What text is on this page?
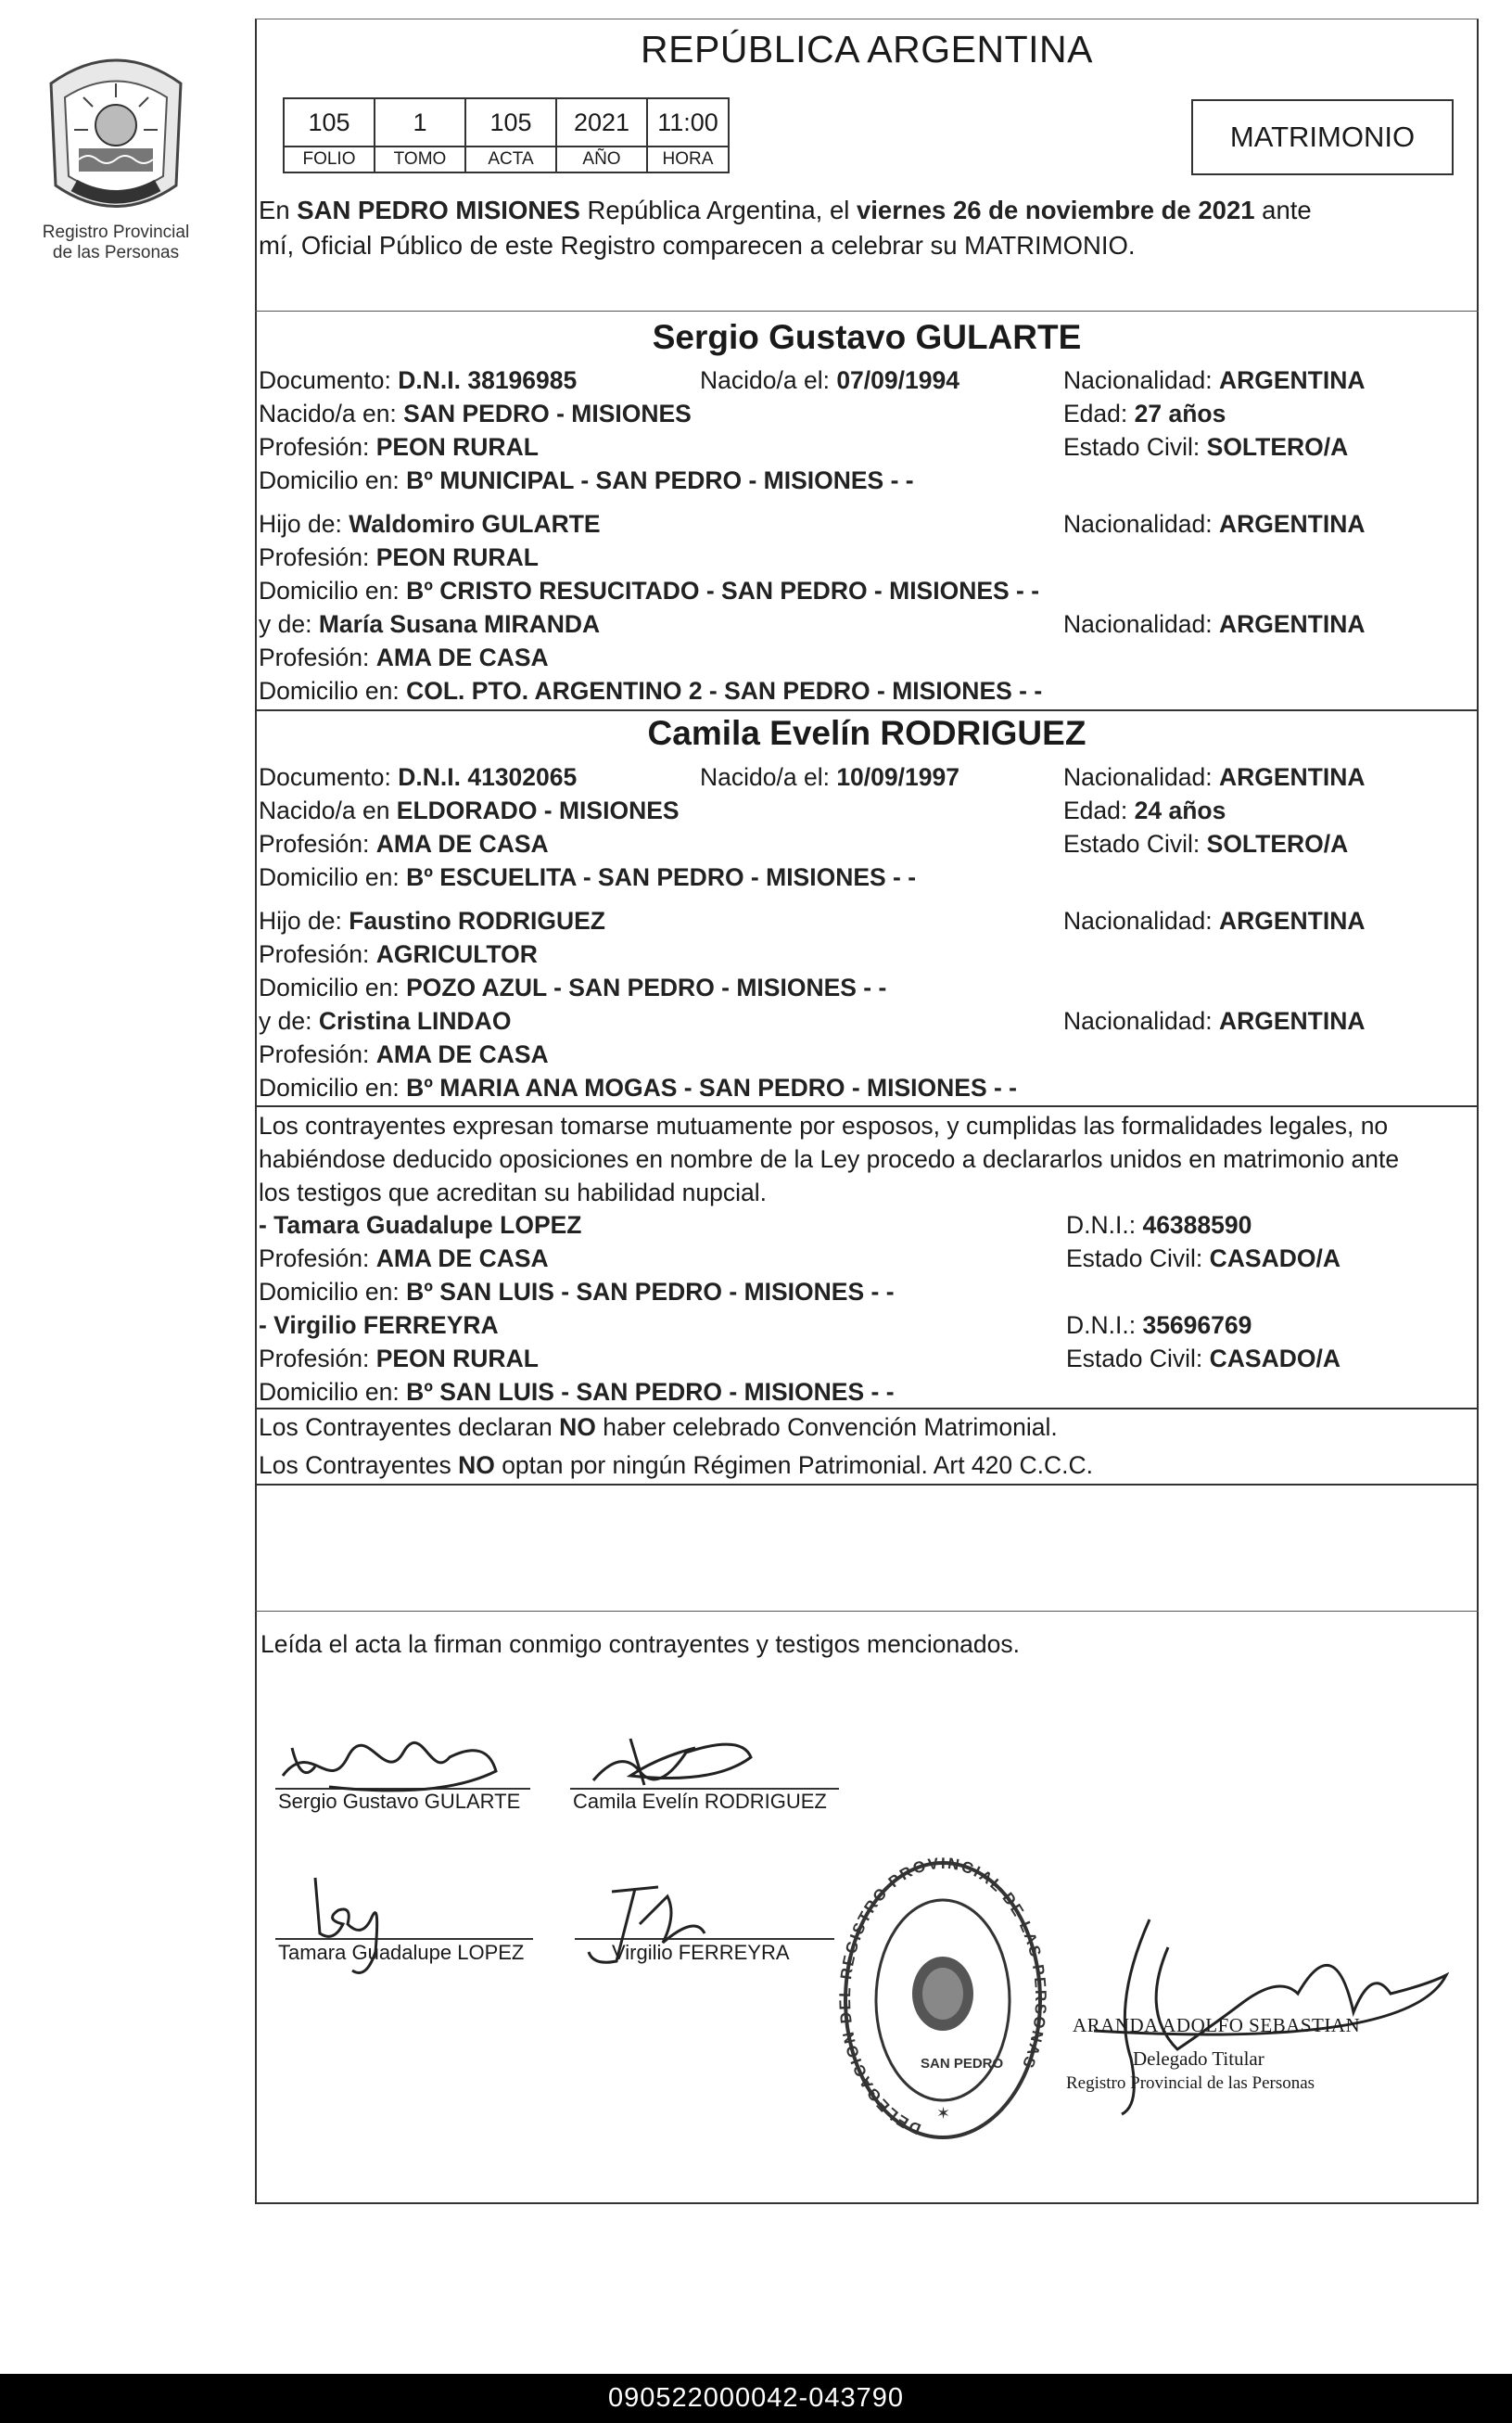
Registro Provincial
de las Personas
REPÚBLICA ARGENTINA
105	1	105	2021	11:00
FOLIO	TOMO	ACTA	AÑO	HORA
MATRIMONIO
En SAN PEDRO MISIONES República Argentina, el viernes 26 de noviembre de 2021 ante
mí, Oficial Público de este Registro comparecen a celebrar su MATRIMONIO.
Sergio Gustavo GULARTE
Documento: D.N.I. 38196985	Nacido/a el: 07/09/1994	Nacionalidad: ARGENTINA
Nacido/a en: SAN PEDRO - MISIONES	Edad: 27 años
Profesión: PEON RURAL	Estado Civil: SOLTERO/A
Domicilio en: Bº MUNICIPAL - SAN PEDRO - MISIONES - -
Hijo de: Waldomiro GULARTE	Nacionalidad: ARGENTINA
Profesión: PEON RURAL
Domicilio en: Bº CRISTO RESUCITADO - SAN PEDRO - MISIONES - -
y de: María Susana MIRANDA	Nacionalidad: ARGENTINA
Profesión: AMA DE CASA
Domicilio en: COL. PTO. ARGENTINO 2 - SAN PEDRO - MISIONES - -
Camila Evelín RODRIGUEZ
Documento: D.N.I. 41302065	Nacido/a el: 10/09/1997	Nacionalidad: ARGENTINA
Nacido/a en ELDORADO - MISIONES	Edad: 24 años
Profesión: AMA DE CASA	Estado Civil: SOLTERO/A
Domicilio en: Bº ESCUELITA - SAN PEDRO - MISIONES - -
Hijo de: Faustino RODRIGUEZ	Nacionalidad: ARGENTINA
Profesión: AGRICULTOR
Domicilio en: POZO AZUL - SAN PEDRO - MISIONES - -
y de: Cristina LINDAO	Nacionalidad: ARGENTINA
Profesión: AMA DE CASA
Domicilio en: Bº MARIA ANA MOGAS - SAN PEDRO - MISIONES - -
Los contrayentes expresan tomarse mutuamente por esposos, y cumplidas las formalidades legales, no
habiéndose deducido oposiciones en nombre de la Ley procedo a declararlos unidos en matrimonio ante
los testigos que acreditan su habilidad nupcial.
- Tamara Guadalupe LOPEZ	D.N.I.: 46388590
Profesión: AMA DE CASA	Estado Civil: CASADO/A
Domicilio en: Bº SAN LUIS - SAN PEDRO - MISIONES - -
- Virgilio FERREYRA	D.N.I.: 35696769
Profesión: PEON RURAL	Estado Civil: CASADO/A
Domicilio en: Bº SAN LUIS - SAN PEDRO - MISIONES - -
Los Contrayentes declaran NO haber celebrado Convención Matrimonial.
Los Contrayentes NO optan por ningún Régimen Patrimonial. Art 420 C.C.C.
Leída el acta la firman conmigo contrayentes y testigos mencionados.
Sergio Gustavo GULARTE	Camila Evelín RODRIGUEZ
Tamara Guadalupe LOPEZ	Virgilio FERREYRA
DELEGACION DEL REGISTRO PROVINCIAL DE LAS PERSONAS
SAN PEDRO
✶
ARANDA ADOLFO SEBASTIAN
Delegado Titular
Registro Provincial de las Personas
090522000042-043790
